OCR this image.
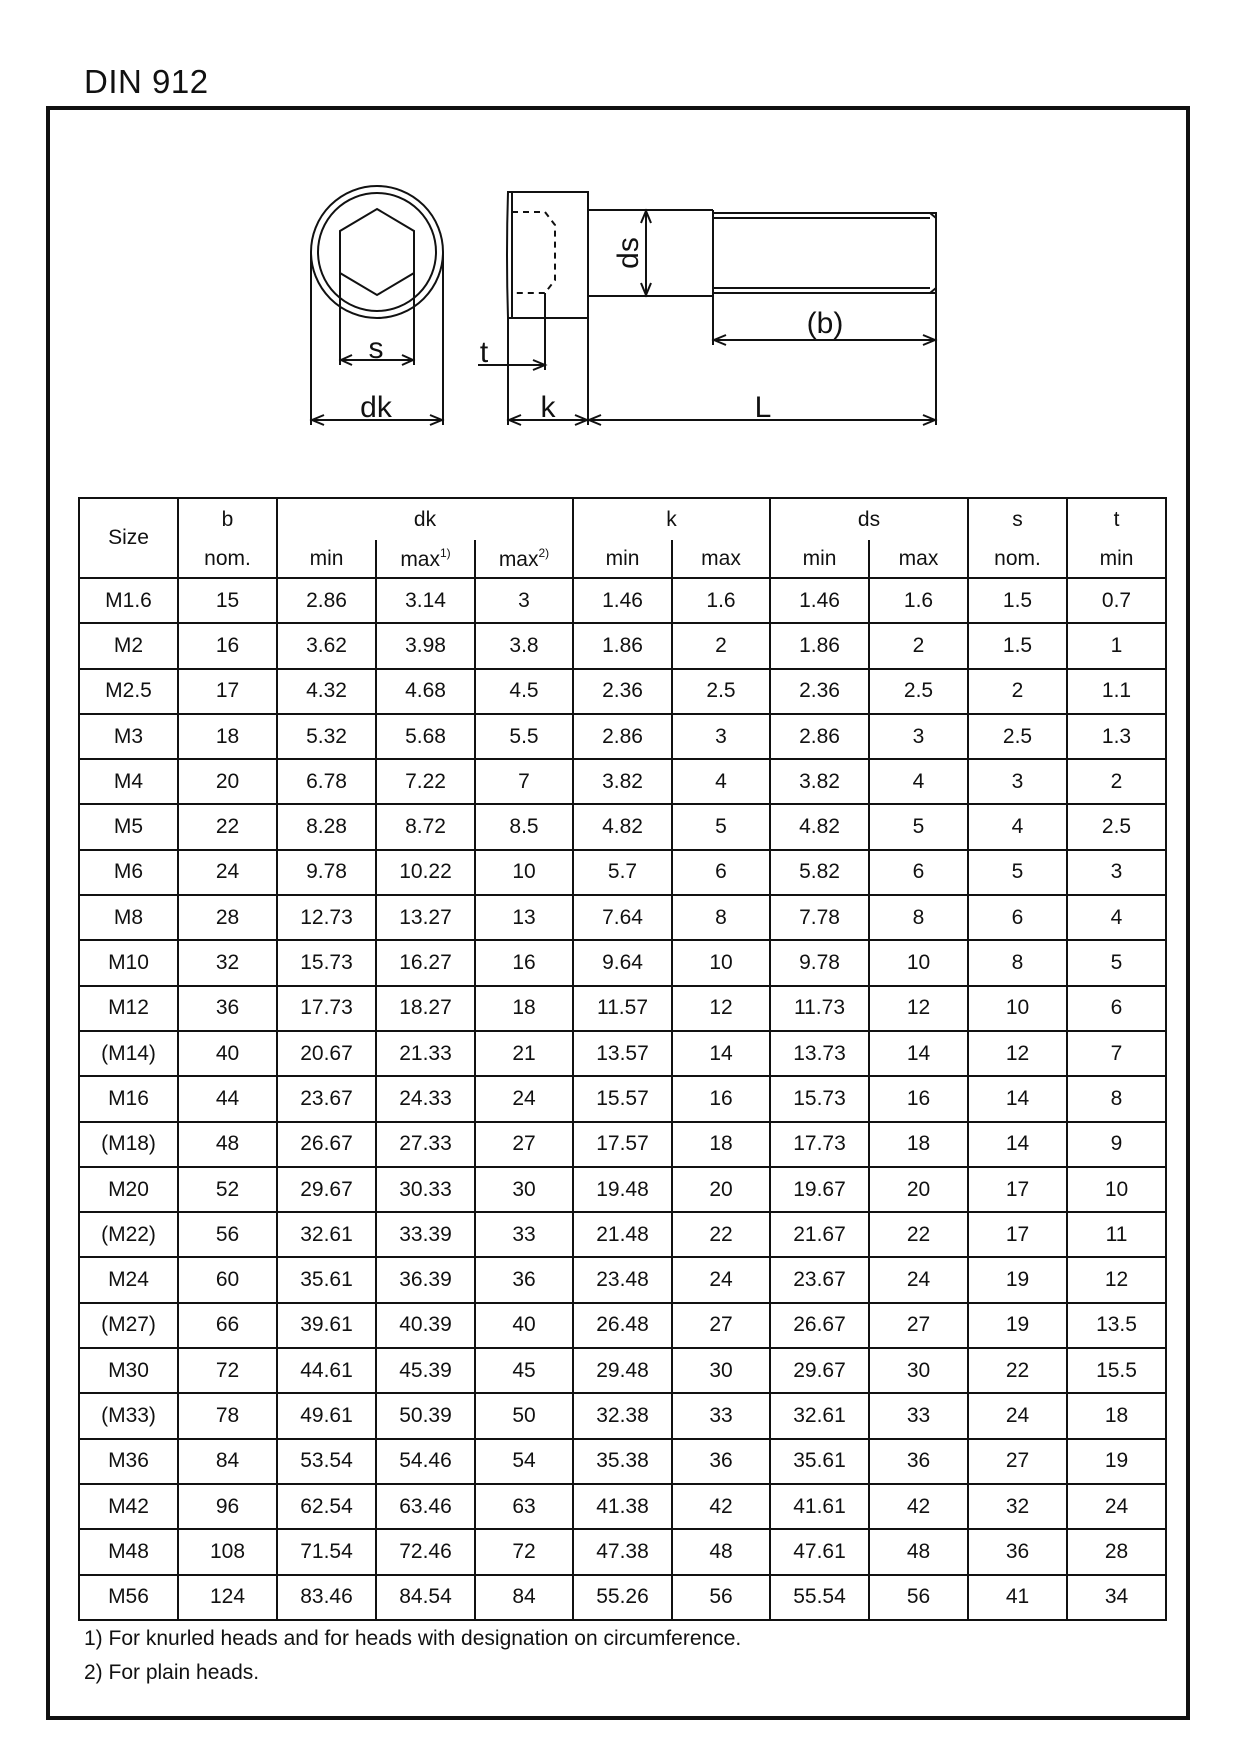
DIN 912
s
dk
t
k
ds
(b)
L
Size	b	dk			k		ds		s	t
	nom.	min	$\max^{1)}$	$\max^{2)}$	min	max	min	max	nom.	min
M1.6	15	2.86	3.14	3	1.46	1.6	1.46	1.6	1.5	0.7
M2	16	3.62	3.98	3.8	1.86	2	1.86	2	1.5	1
M2.5	17	4.32	4.68	4.5	2.36	2.5	2.36	2.5	2	1.1
M3	18	5.32	5.68	5.5	2.86	3	2.86	3	2.5	1.3
M4	20	6.78	7.22	7	3.82	4	3.82	4	3	2
M5	22	8.28	8.72	8.5	4.82	5	4.82	5	4	2.5
M6	24	9.78	10.22	10	5.7	6	5.82	6	5	3
M8	28	12.73	13.27	13	7.64	8	7.78	8	6	4
M10	32	15.73	16.27	16	9.64	10	9.78	10	8	5
M12	36	17.73	18.27	18	11.57	12	11.73	12	10	6
(M14)	40	20.67	21.33	21	13.57	14	13.73	14	12	7
M16	44	23.67	24.33	24	15.57	16	15.73	16	14	8
(M18)	48	26.67	27.33	27	17.57	18	17.73	18	14	9
M20	52	29.67	30.33	30	19.48	20	19.67	20	17	10
(M22)	56	32.61	33.39	33	21.48	22	21.67	22	17	11
M24	60	35.61	36.39	36	23.48	24	23.67	24	19	12
(M27)	66	39.61	40.39	40	26.48	27	26.67	27	19	13.5
M30	72	44.61	45.39	45	29.48	30	29.67	30	22	15.5
(M33)	78	49.61	50.39	50	32.38	33	32.61	33	24	18
M36	84	53.54	54.46	54	35.38	36	35.61	36	27	19
M42	96	62.54	63.46	63	41.38	42	41.61	42	32	24
M48	108	71.54	72.46	72	47.38	48	47.61	48	36	28
M56	124	83.46	84.54	84	55.26	56	55.54	56	41	34
1) For knurled heads and for heads with designation on circumference.
2) For plain heads.
